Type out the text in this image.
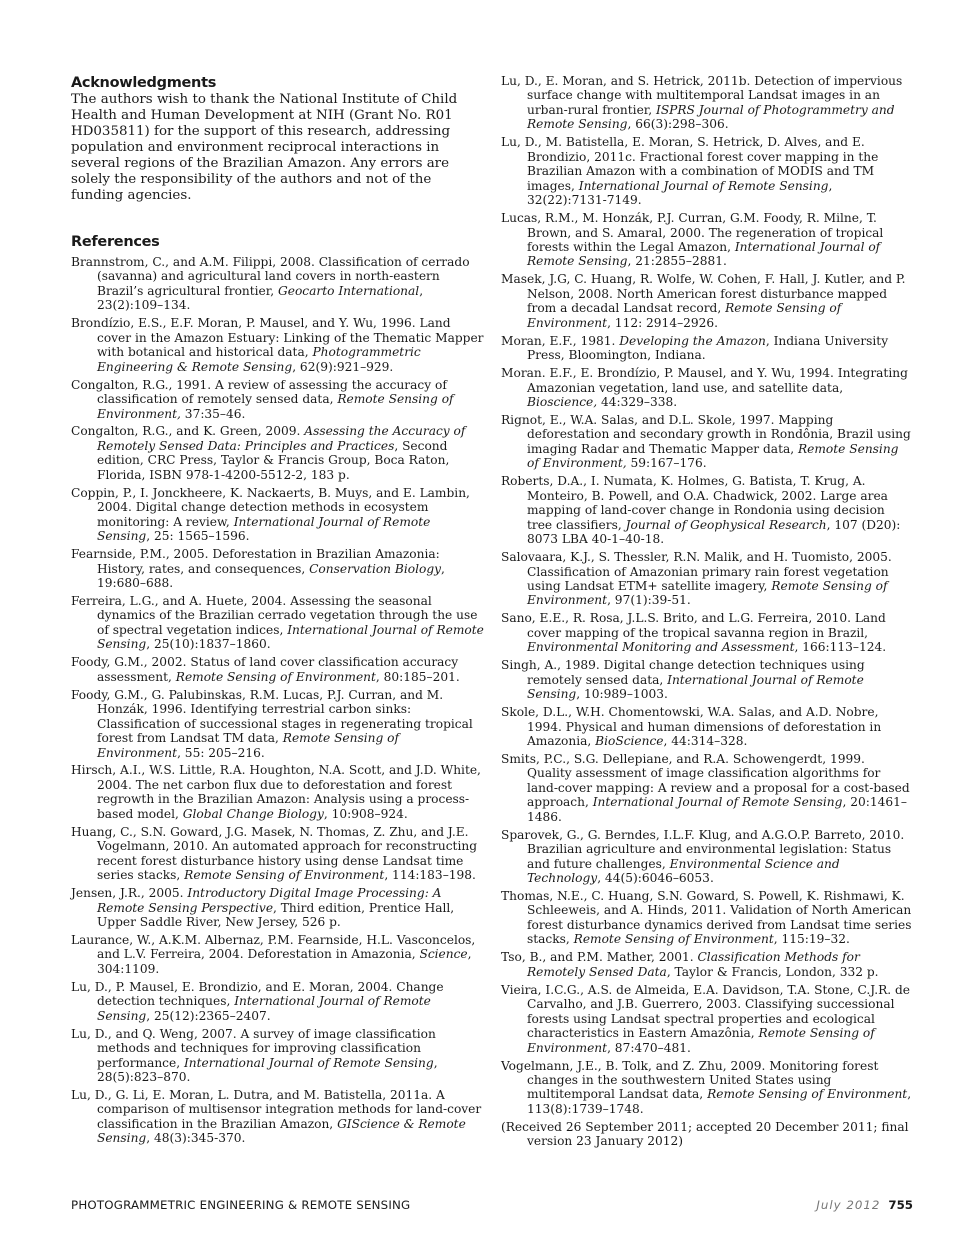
Acknowledgments

The authors wish to thank the National Institute of Child Health and Human Development at NIH (Grant No. R01 HD035811) for the support of this research, addressing population and environment reciprocal interactions in several regions of the Brazilian Amazon. Any errors are solely the responsibility of the authors and not of the funding agencies.

References
Brannstrom, C., and A.M. Filippi, 2008. Classification of cerrado (savanna) and agricultural land covers in north-eastern Brazil’s agricultural frontier, Geocarto International, 23(2):109–134.
Brondízio, E.S., E.F. Moran, P. Mausel, and Y. Wu, 1996. Land cover in the Amazon Estuary: Linking of the Thematic Mapper with botanical and historical data, Photogrammetric Engineering & Remote Sensing, 62(9):921–929.
Congalton, R.G., 1991. A review of assessing the accuracy of classification of remotely sensed data, Remote Sensing of Environment, 37:35–46.
Congalton, R.G., and K. Green, 2009. Assessing the Accuracy of Remotely Sensed Data: Principles and Practices, Second edition, CRC Press, Taylor & Francis Group, Boca Raton, Florida, ISBN 978-1-4200-5512-2, 183 p.
Coppin, P., I. Jonckheere, K. Nackaerts, B. Muys, and E. Lambin, 2004. Digital change detection methods in ecosystem monitoring: A review, International Journal of Remote Sensing, 25: 1565–1596.
Fearnside, P.M., 2005. Deforestation in Brazilian Amazonia: History, rates, and consequences, Conservation Biology, 19:680–688.
Ferreira, L.G., and A. Huete, 2004. Assessing the seasonal dynamics of the Brazilian cerrado vegetation through the use of spectral vegetation indices, International Journal of Remote Sensing, 25(10):1837–1860.
Foody, G.M., 2002. Status of land cover classification accuracy assessment, Remote Sensing of Environment, 80:185–201.
Foody, G.M., G. Palubinskas, R.M. Lucas, P.J. Curran, and M. Honzák, 1996. Identifying terrestrial carbon sinks: Classification of successional stages in regenerating tropical forest from Landsat TM data, Remote Sensing of Environment, 55: 205–216.
Hirsch, A.I., W.S. Little, R.A. Houghton, N.A. Scott, and J.D. White, 2004. The net carbon flux due to deforestation and forest regrowth in the Brazilian Amazon: Analysis using a process-based model, Global Change Biology, 10:908–924.
Huang, C., S.N. Goward, J.G. Masek, N. Thomas, Z. Zhu, and J.E. Vogelmann, 2010. An automated approach for reconstructing recent forest disturbance history using dense Landsat time series stacks, Remote Sensing of Environment, 114:183–198.
Jensen, J.R., 2005. Introductory Digital Image Processing: A Remote Sensing Perspective, Third edition, Prentice Hall, Upper Saddle River, New Jersey, 526 p.
Laurance, W., A.K.M. Albernaz, P.M. Fearnside, H.L. Vasconcelos, and L.V. Ferreira, 2004. Deforestation in Amazonia, Science, 304:1109.
Lu, D., P. Mausel, E. Brondizio, and E. Moran, 2004. Change detection techniques, International Journal of Remote Sensing, 25(12):2365–2407.
Lu, D., and Q. Weng, 2007. A survey of image classification methods and techniques for improving classification performance, International Journal of Remote Sensing, 28(5):823–870.
Lu, D., G. Li, E. Moran, L. Dutra, and M. Batistella, 2011a. A comparison of multisensor integration methods for land-cover classification in the Brazilian Amazon, GIScience & Remote Sensing, 48(3):345-370.
Lu, D., E. Moran, and S. Hetrick, 2011b. Detection of impervious surface change with multitemporal Landsat images in an urban-rural frontier, ISPRS Journal of Photogrammetry and Remote Sensing, 66(3):298–306.
Lu, D., M. Batistella, E. Moran, S. Hetrick, D. Alves, and E. Brondizio, 2011c. Fractional forest cover mapping in the Brazilian Amazon with a combination of MODIS and TM images, International Journal of Remote Sensing, 32(22):7131-7149.
Lucas, R.M., M. Honzák, P.J. Curran, G.M. Foody, R. Milne, T. Brown, and S. Amaral, 2000. The regeneration of tropical forests within the Legal Amazon, International Journal of Remote Sensing, 21:2855–2881.
Masek, J.G, C. Huang, R. Wolfe, W. Cohen, F. Hall, J. Kutler, and P. Nelson, 2008. North American forest disturbance mapped from a decadal Landsat record, Remote Sensing of Environment, 112: 2914–2926.
Moran, E.F., 1981. Developing the Amazon, Indiana University Press, Bloomington, Indiana.
Moran. E.F., E. Brondízio, P. Mausel, and Y. Wu, 1994. Integrating Amazonian vegetation, land use, and satellite data, Bioscience, 44:329–338.
Rignot, E., W.A. Salas, and D.L. Skole, 1997. Mapping deforestation and secondary growth in Rondônia, Brazil using imaging Radar and Thematic Mapper data, Remote Sensing of Environment, 59:167–176.
Roberts, D.A., I. Numata, K. Holmes, G. Batista, T. Krug, A. Monteiro, B. Powell, and O.A. Chadwick, 2002. Large area mapping of land-cover change in Rondonia using decision tree classifiers, Journal of Geophysical Research, 107 (D20): 8073 LBA 40-1–40-18.
Salovaara, K.J., S. Thessler, R.N. Malik, and H. Tuomisto, 2005. Classification of Amazonian primary rain forest vegetation using Landsat ETM+ satellite imagery, Remote Sensing of Environment, 97(1):39-51.
Sano, E.E., R. Rosa, J.L.S. Brito, and L.G. Ferreira, 2010. Land cover mapping of the tropical savanna region in Brazil, Environmental Monitoring and Assessment, 166:113–124.
Singh, A., 1989. Digital change detection techniques using remotely sensed data, International Journal of Remote Sensing, 10:989–1003.
Skole, D.L., W.H. Chomentowski, W.A. Salas, and A.D. Nobre, 1994. Physical and human dimensions of deforestation in Amazonia, BioScience, 44:314–328.
Smits, P.C., S.G. Dellepiane, and R.A. Schowengerdt, 1999. Quality assessment of image classification algorithms for land-cover mapping: A review and a proposal for a cost-based approach, International Journal of Remote Sensing, 20:1461–1486.
Sparovek, G., G. Berndes, I.L.F. Klug, and A.G.O.P. Barreto, 2010. Brazilian agriculture and environmental legislation: Status and future challenges, Environmental Science and Technology, 44(5):6046–6053.
Thomas, N.E., C. Huang, S.N. Goward, S. Powell, K. Rishmawi, K. Schleeweis, and A. Hinds, 2011. Validation of North American forest disturbance dynamics derived from Landsat time series stacks, Remote Sensing of Environment, 115:19–32.
Tso, B., and P.M. Mather, 2001. Classification Methods for Remotely Sensed Data, Taylor & Francis, London, 332 p.
Vieira, I.C.G., A.S. de Almeida, E.A. Davidson, T.A. Stone, C.J.R. de Carvalho, and J.B. Guerrero, 2003. Classifying successional forests using Landsat spectral properties and ecological characteristics in Eastern Amazônia, Remote Sensing of Environment, 87:470–481.
Vogelmann, J.E., B. Tolk, and Z. Zhu, 2009. Monitoring forest changes in the southwestern United States using multitemporal Landsat data, Remote Sensing of Environment, 113(8):1739–1748.
(Received 26 September 2011; accepted 20 December 2011; final version 23 January 2012)
PHOTOGRAMMETRIC ENGINEERING & REMOTE SENSING	July 2012 755
